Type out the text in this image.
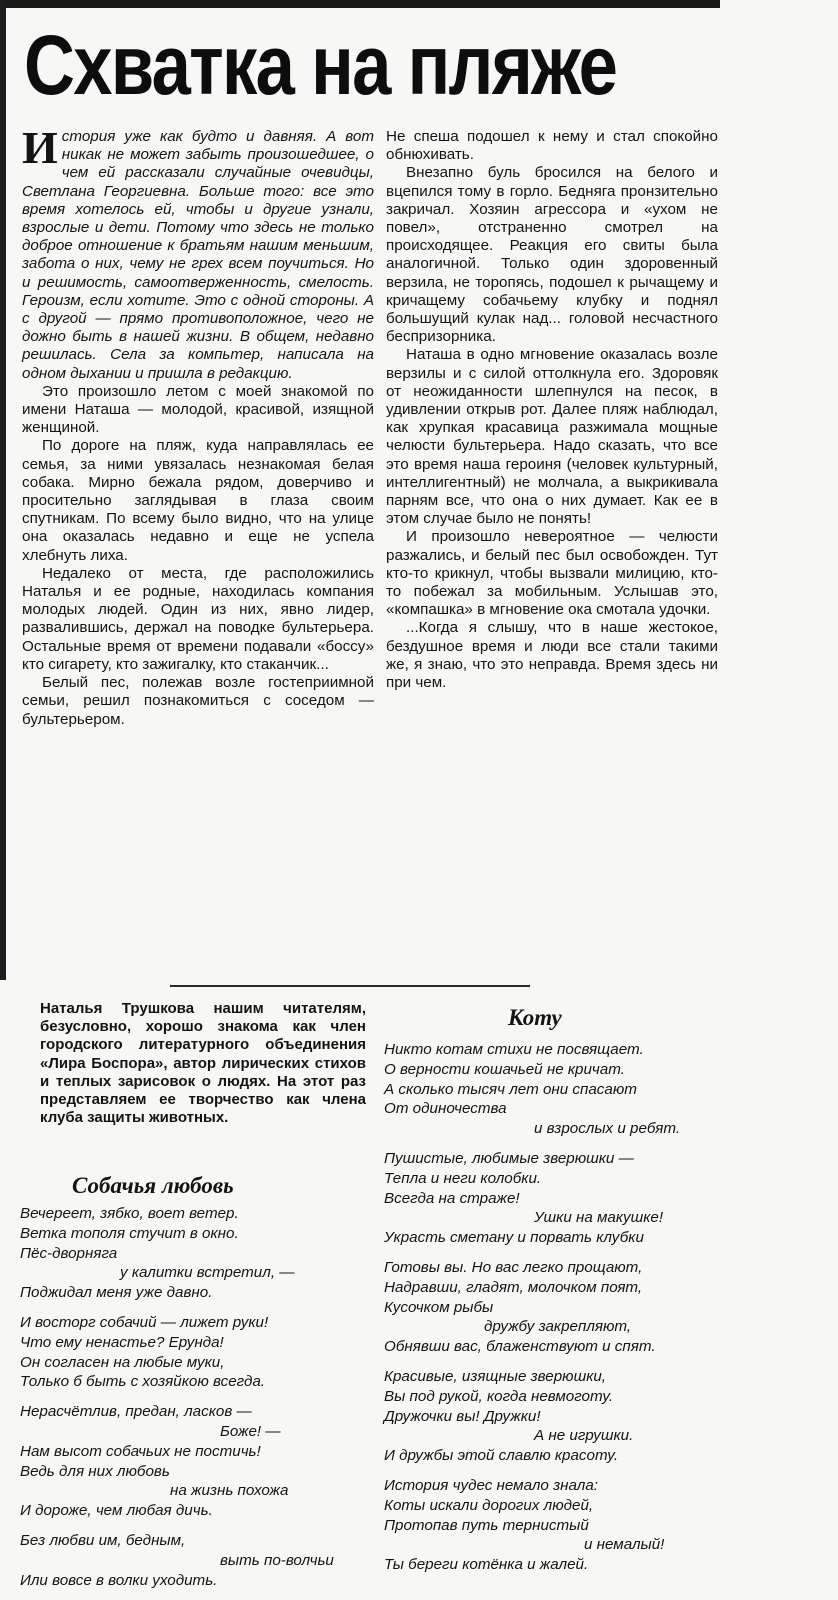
Схватка на пляже

История уже как будто и давняя. А вот никак не может забыть произошедшее, о чем ей рассказали случайные очевидцы, Светлана Георгиевна. Больше того: все это время хотелось ей, чтобы и другие узнали, взрослые и дети. Потому что здесь не только доброе отношение к братьям нашим меньшим, забота о них, чему не грех всем поучиться. Но и решимость, самоотверженность, смелость. Героизм, если хотите. Это с одной стороны. А с другой — прямо противоположное, чего не дожно быть в нашей жизни. В общем, недавно решилась. Села за компьтер, написала на одном дыхании и пришла в редакцию.

Это произошло летом с моей знакомой по имени Наташа — молодой, красивой, изящной женщиной.

По дороге на пляж, куда направлялась ее семья, за ними увязалась незнакомая белая собака. Мирно бежала рядом, доверчиво и просительно заглядывая в глаза своим спутникам. По всему было видно, что на улице она оказалась недавно и еще не успела хлебнуть лиха.

Недалеко от места, где расположились Наталья и ее родные, находилась компания молодых людей. Один из них, явно лидер, развалившись, держал на поводке бультерьера. Остальные время от времени подавали «боссу» кто сигарету, кто зажигалку, кто стаканчик...

Белый пес, полежав возле гостеприимной семьи, решил познакомиться с соседом — бультерьером.

Не спеша подошел к нему и стал спокойно обнюхивать.

Внезапно буль бросился на белого и вцепился тому в горло. Бедняга пронзительно закричал. Хозяин агрессора и «ухом не повел», отстраненно смотрел на происходящее. Реакция его свиты была аналогичной. Только один здоровенный верзила, не торопясь, подошел к рычащему и кричащему собачьему клубку и поднял большущий кулак над... головой несчастного беспризорника.

Наташа в одно мгновение оказалась возле верзилы и с силой оттолкнула его. Здоровяк от неожиданности шлепнулся на песок, в удивлении открыв рот. Далее пляж наблюдал, как хрупкая красавица разжимала мощные челюсти бультерьера. Надо сказать, что все это время наша героиня (человек культурный, интеллигентный) не молчала, а выкрикивала парням все, что она о них думает. Как ее в этом случае было не понять!

И произошло невероятное — челюсти разжались, и белый пес был освобожден. Тут кто-то крикнул, чтобы вызвали милицию, кто-то побежал за мобильным. Услышав это, «компашка» в мгновение ока смотала удочки.

...Когда я слышу, что в наше жестокое, бездушное время и люди все стали такими же, я знаю, что это неправда. Время здесь ни при чем.

Наталья Трушкова нашим читателям, безусловно, хорошо знакома как член городского литературного объединения «Лира Боспора», автор лирических стихов и теплых зарисовок о людях. На этот раз представляем ее творчество как члена клуба защиты животных.
Собачья любовь
Вечереет, зябко, воет ветер.
Ветка тополя стучит в окно.
Пёс-дворняга
у калитки встретил, —
Поджидал меня уже давно.
И восторг собачий — лижет руки!
Что ему ненастье? Ерунда!
Он согласен на любые муки,
Только б быть с хозяйкою всегда.
Нерасчётлив, предан, ласков —
Боже! —
Нам высот собачьих не постичь!
Ведь для них любовь
на жизнь похожа
И дороже, чем любая дичь.
Без любви им, бедным,
выть по-волчьи
Или вовсе в волки уходить.
Коту
Никто котам стихи не посвящает.
О верности кошачьей не кричат.
А сколько тысяч лет они спасают
От одиночества
и взрослых и ребят.
Пушистые, любимые зверюшки —
Тепла и неги колобки.
Всегда на страже!
Ушки на макушке!
Украсть сметану и порвать клубки
Готовы вы. Но вас легко прощают,
Надравши, гладят, молочком поят,
Кусочком рыбы
дружбу закрепляют,
Обнявши вас, блаженствуют и спят.
Красивые, изящные зверюшки,
Вы под рукой, когда невмоготу.
Дружочки вы! Дружки!
А не игрушки.
И дружбы этой славлю красоту.
История чудес немало знала:
Коты искали дорогих людей,
Протопав путь тернистый
и немалый!
Ты береги котёнка и жалей.
